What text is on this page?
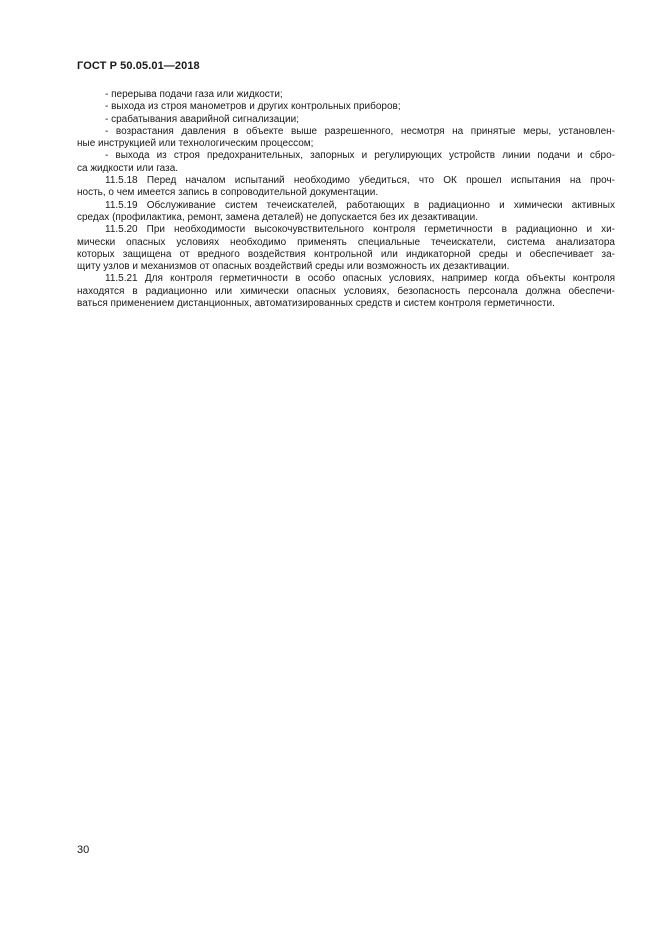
ГОСТ Р 50.05.01—2018
- перерыва подачи газа или жидкости;
- выхода из строя манометров и других контрольных приборов;
- срабатывания аварийной сигнализации;
- возрастания давления в объекте выше разрешенного, несмотря на принятые меры, установлен-
ные инструкцией или технологическим процессом;
- выхода из строя предохранительных, запорных и регулирующих устройств линии подачи и сбро-
са жидкости или газа.
11.5.18 Перед началом испытаний необходимо убедиться, что ОК прошел испытания на проч-
ность, о чем имеется запись в сопроводительной документации.
11.5.19 Обслуживание систем течеискателей, работающих в радиационно и химически активных
средах (профилактика, ремонт, замена деталей) не допускается без их дезактивации.
11.5.20 При необходимости высокочувствительного контроля герметичности в радиационно и хи-
мически опасных условиях необходимо применять специальные течеискатели, система анализатора
которых защищена от вредного воздействия контрольной или индикаторной среды и обеспечивает за-
щиту узлов и механизмов от опасных воздействий среды или возможность их дезактивации.
11.5.21 Для контроля герметичности в особо опасных условиях, например когда объекты контроля
находятся в радиационно или химически опасных условиях, безопасность персонала должна обеспечи-
ваться применением дистанционных, автоматизированных средств и систем контроля герметичности.
30
